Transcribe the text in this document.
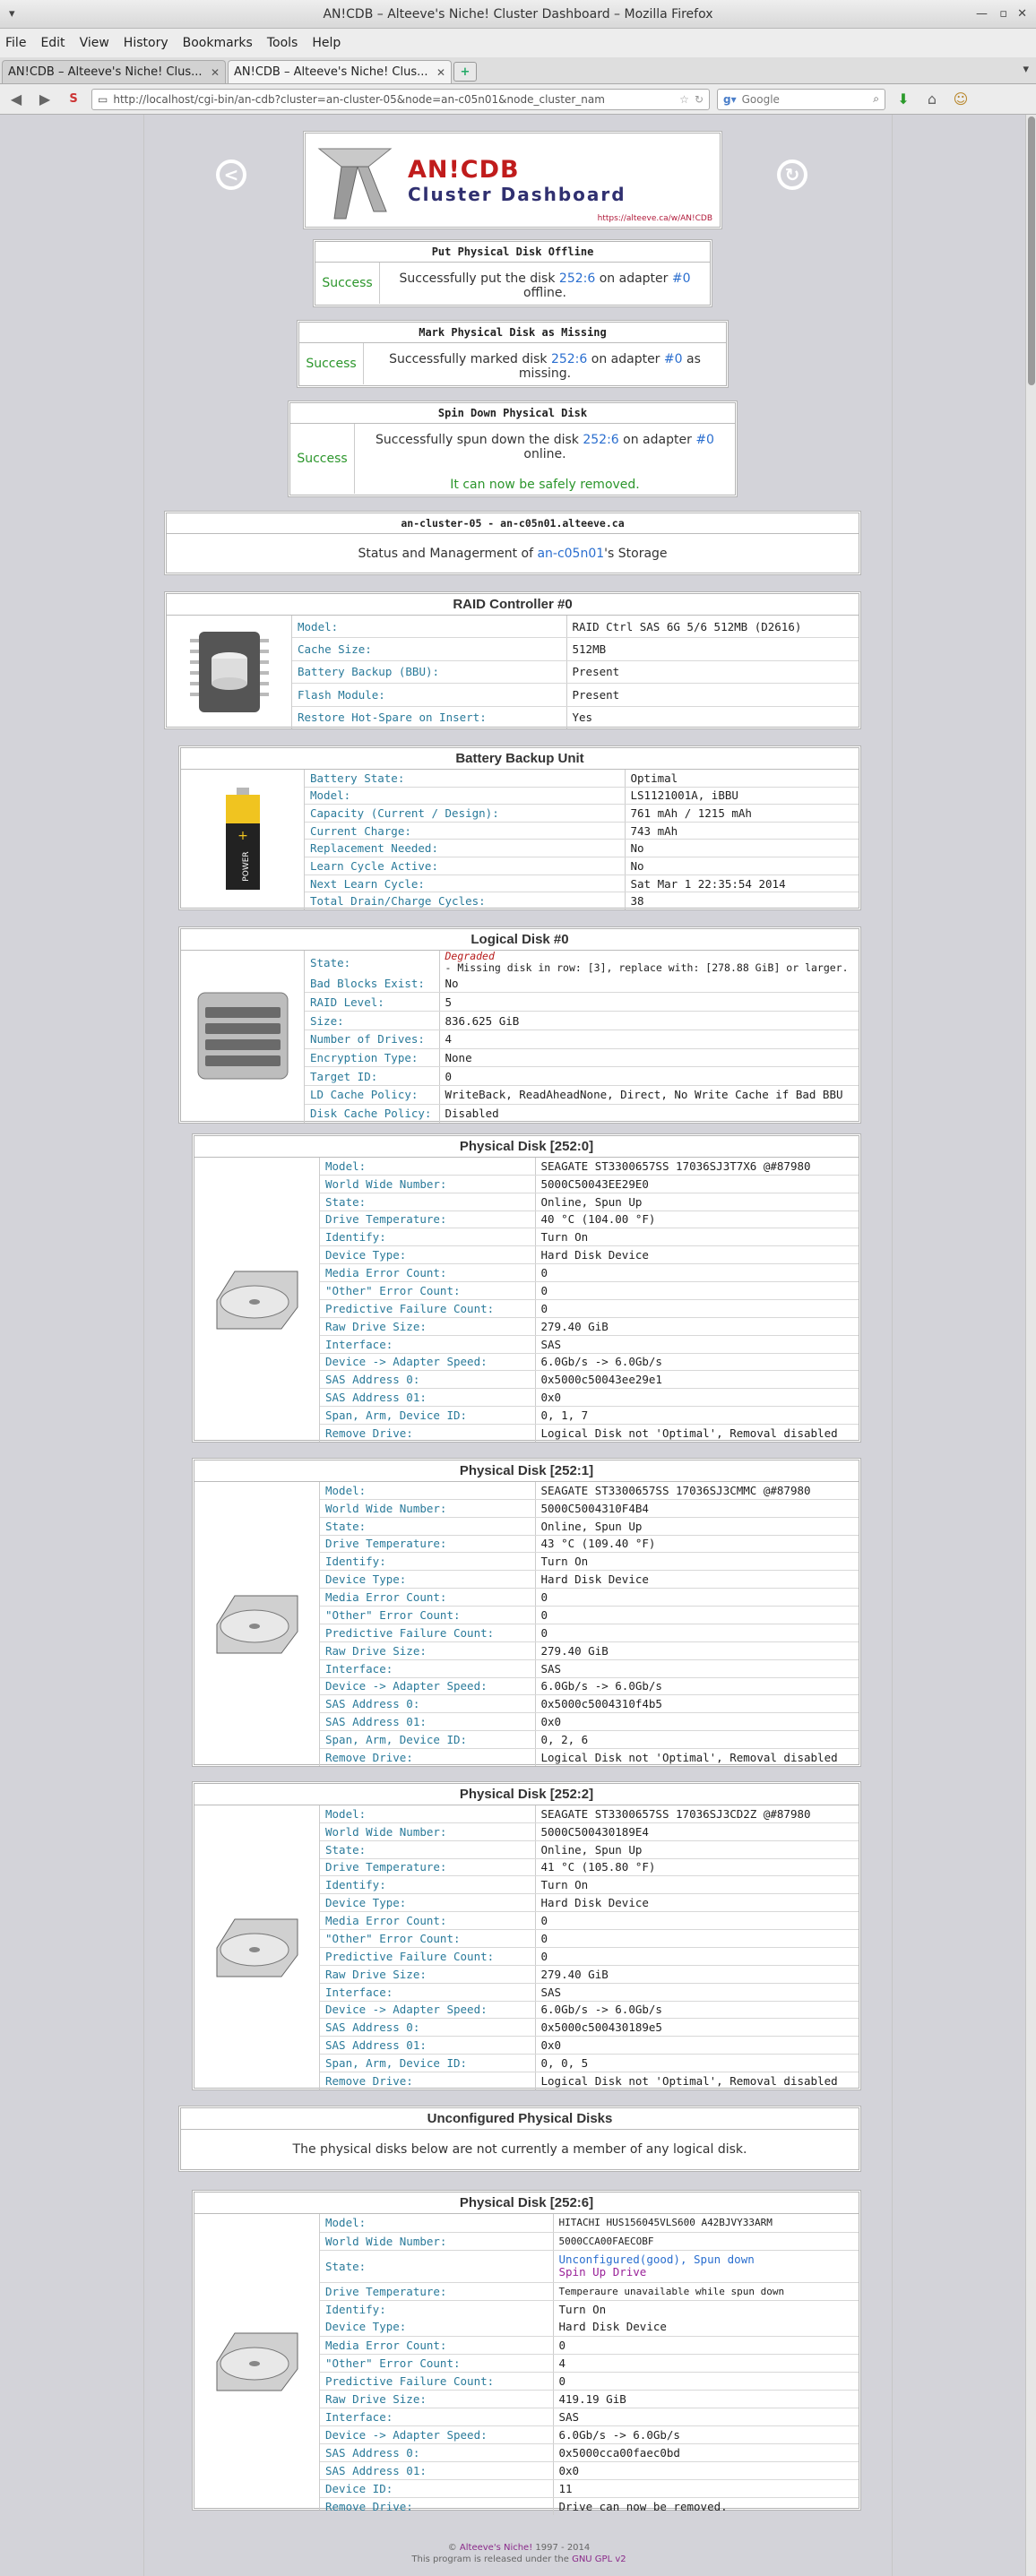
▾	AN!CDB – Alteeve's Niche! Cluster Dashboard – Mozilla Firefox	— ▫ ✕
File Edit View History Bookmarks Tools Help
AN!CDB – Alteeve's Niche! Clus... ✕ AN!CDB – Alteeve's Niche! Clus... ✕	+	▾
◀	▶	S	▭ http://localhost/cgi-bin/an-cdb?cluster=an-cluster-05&node=an-c05n01&node_cluster_nam	☆ ↻ g▾ Google	⌕	⬇	⌂	☺
<	↻
AN!CDB
Cluster Dashboard
https://alteeve.ca/w/AN!CDB
Put Physical Disk Offline
Success	Successfully put the disk 252:6 on adapter #0 offline.
Mark Physical Disk as Missing
Success	Successfully marked disk 252:6 on adapter #0 as missing.
Spin Down Physical Disk
Success
Successfully spun down the disk 252:6 on adapter #0 online.
It can now be safely removed.
an-cluster-05 - an-c05n01.alteeve.ca
Status and Managerment of an-c05n01's Storage
RAID Controller #0
Model:	RAID Ctrl SAS 6G 5/6 512MB (D2616)
Cache Size:	512MB
Battery Backup (BBU):	Present
Flash Module:	Present
Restore Hot-Spare on Insert:	Yes
Battery Backup Unit
+
POWER
Battery State:	Optimal
Model:	LS1121001A, iBBU
Capacity (Current / Design):	761 mAh / 1215 mAh
Current Charge:	743 mAh
Replacement Needed:	No
Learn Cycle Active:	No
Next Learn Cycle:	Sat Mar 1 22:35:54 2014
Total Drain/Charge Cycles:	38
Logical Disk #0
State:	Degraded
- Missing disk in row: [3], replace with: [278.88 GiB] or larger.

Bad Blocks Exist:	No
RAID Level:	5
Size:	836.625 GiB
Number of Drives:	4
Encryption Type:	None
Target ID:	0
LD Cache Policy:	WriteBack, ReadAheadNone, Direct, No Write Cache if Bad BBU
Disk Cache Policy:	Disabled
Physical Disk [252:0]
Model:	SEAGATE ST3300657SS 17036SJ3T7X6 @#87980
World Wide Number:	5000C50043EE29E0
State:	Online, Spun Up
Drive Temperature:	40 °C (104.00 °F)
Identify:	Turn On
Device Type:	Hard Disk Device
Media Error Count:	0
"Other" Error Count:	0
Predictive Failure Count:	0
Raw Drive Size:	279.40 GiB
Interface:	SAS
Device -> Adapter Speed:	6.0Gb/s -> 6.0Gb/s
SAS Address 0:	0x5000c50043ee29e1
SAS Address 01:	0x0
Span, Arm, Device ID:	0, 1, 7
Remove Drive:	Logical Disk not 'Optimal', Removal disabled
Physical Disk [252:1]
Model:	SEAGATE ST3300657SS 17036SJ3CMMC @#87980
World Wide Number:	5000C5004310F4B4
State:	Online, Spun Up
Drive Temperature:	43 °C (109.40 °F)
Identify:	Turn On
Device Type:	Hard Disk Device
Media Error Count:	0
"Other" Error Count:	0
Predictive Failure Count:	0
Raw Drive Size:	279.40 GiB
Interface:	SAS
Device -> Adapter Speed:	6.0Gb/s -> 6.0Gb/s
SAS Address 0:	0x5000c5004310f4b5
SAS Address 01:	0x0
Span, Arm, Device ID:	0, 2, 6
Remove Drive:	Logical Disk not 'Optimal', Removal disabled
Physical Disk [252:2]
Model:	SEAGATE ST3300657SS 17036SJ3CD2Z @#87980
World Wide Number:	5000C500430189E4
State:	Online, Spun Up
Drive Temperature:	41 °C (105.80 °F)
Identify:	Turn On
Device Type:	Hard Disk Device
Media Error Count:	0
"Other" Error Count:	0
Predictive Failure Count:	0
Raw Drive Size:	279.40 GiB
Interface:	SAS
Device -> Adapter Speed:	6.0Gb/s -> 6.0Gb/s
SAS Address 0:	0x5000c500430189e5
SAS Address 01:	0x0
Span, Arm, Device ID:	0, 0, 5
Remove Drive:	Logical Disk not 'Optimal', Removal disabled
Unconfigured Physical Disks
The physical disks below are not currently a member of any logical disk.
Physical Disk [252:6]
Model:	HITACHI HUS156045VLS600 A42BJVY33ARM
World Wide Number:	5000CCA00FAECOBF
State:	Unconfigured(good), Spun down
Spin Up Drive

Drive Temperature:	Temperaure unavailable while spun down
Identify:	Turn On
Device Type:	Hard Disk Device
Media Error Count:	0
"Other" Error Count:	4
Predictive Failure Count:	0
Raw Drive Size:	419.19 GiB
Interface:	SAS
Device -> Adapter Speed:	6.0Gb/s -> 6.0Gb/s
SAS Address 0:	0x5000cca00faec0bd
SAS Address 01:	0x0
Device ID:	11
Remove Drive:	Drive can now be removed.
© Alteeve's Niche! 1997 - 2014
This program is released under the GNU GPL v2
